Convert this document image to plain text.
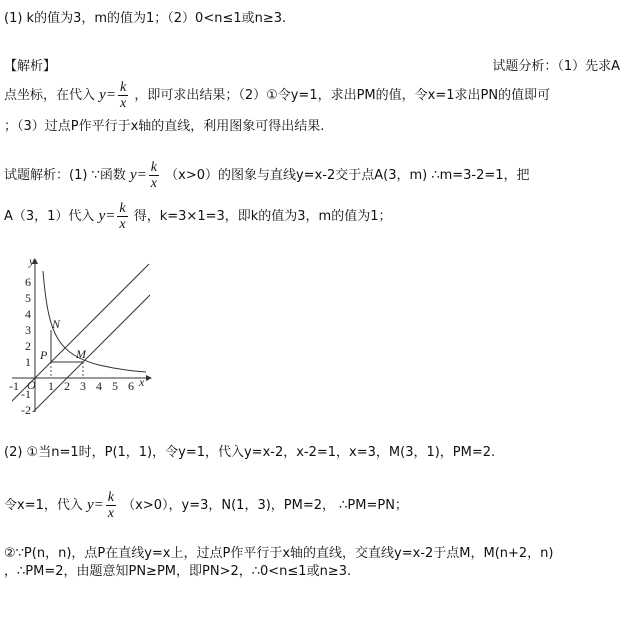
(1) k的值为3，m的值为1；（2）0<n≤1或n≥3.
【解析】	试题分析：（1）先求A
点坐标，在代入 $y= \frac{k}{x}$ ，即可求出结果；（2）①令y=1，求出PM的值，令x=1求出PN的值即可
；（3）过点P作平行于x轴的直线，利用图象可得出结果.
试题解析：(1) ∵函数 $y= \frac{k}{x} (x>0)$的图象与直线y=x-2交于点A(3，m) ∴m=3-2=1，把
A（3，1）代入 $y= \frac{k}{x}$ 得，k=3×1=3，即k的值为3，m的值为1；
N
P M
y
x
O
-1 1 2 3 4 5 6
6
5
4
3
2
1
-1
-2
(2) ①当n=1时，P(1，1)，令y=1，代入y=x-2，x-2=1，x=3，M(3，1)，PM=2.
令x=1，代入 $y= \frac{k}{x} (x>0)$，y=3，N(1，3)，PM=2， ∴PM=PN；
②∵P(n，n)，点P在直线y=x上，过点P作平行于x轴的直线，交直线y=x-2于点M，M(n+2，n)
，∴PM=2，由题意知PN≥PM，即PN>2，∴0<n≤1或n≥3.
